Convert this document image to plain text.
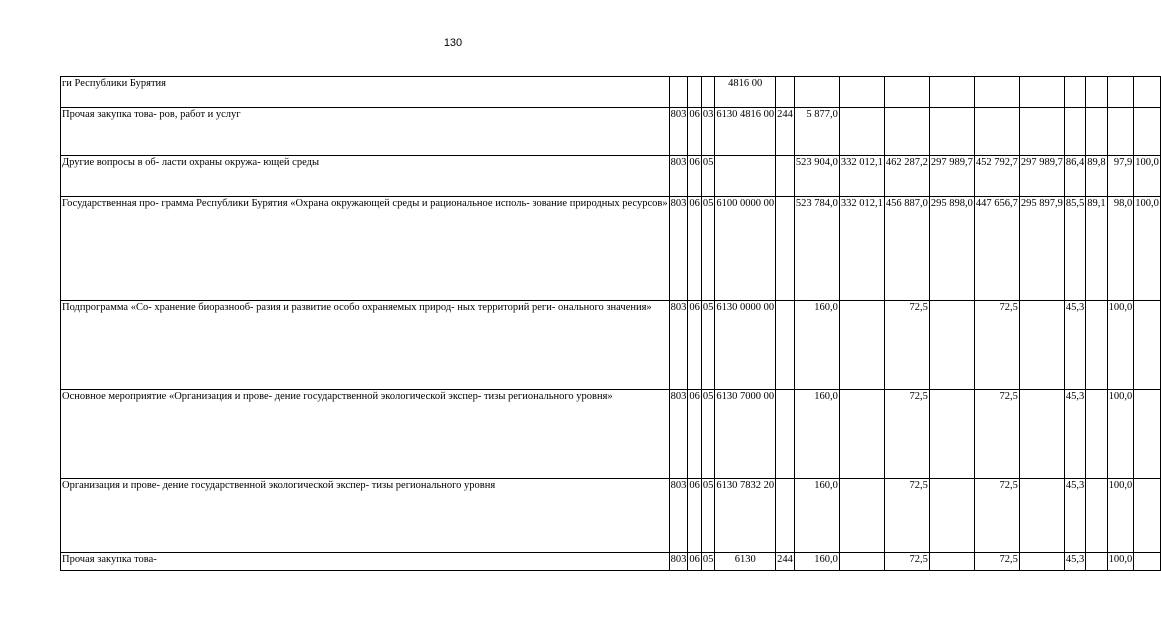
130
ги Республики Бурятия				4816 00											
Прочая закупка това- ров, работ и услуг	803	06	03	6130 4816 00	244	5 877,0									
Другие вопросы в об- ласти охраны окружа- ющей среды	803	06	05			523 904,0	332 012,1	462 287,2	297 989,7	452 792,7	297 989,7	86,4	89,8	97,9	100,0
Государственная про- грамма Республики Бурятия «Охрана окружающей среды и рациональное исполь- зование природных ресурсов»	803	06	05	6100 0000 00		523 784,0	332 012,1	456 887,0	295 898,0	447 656,7	295 897,9	85,5	89,1	98,0	100,0
Подпрограмма «Со- хранение биоразнооб- разия и развитие особо охраняемых природ- ных территорий реги- онального значения»	803	06	05	6130 0000 00		160,0		72,5		72,5		45,3		100,0	
Основное мероприятие «Организация и прове- дение государственной экологической экспер- тизы регионального уровня»	803	06	05	6130 7000 00		160,0		72,5		72,5		45,3		100,0	
Организация и прове- дение государственной экологической экспер- тизы регионального уровня	803	06	05	6130 7832 20		160,0		72,5		72,5		45,3		100,0	
Прочая закупка това-	803	06	05	6130	244	160,0		72,5		72,5		45,3		100,0	
